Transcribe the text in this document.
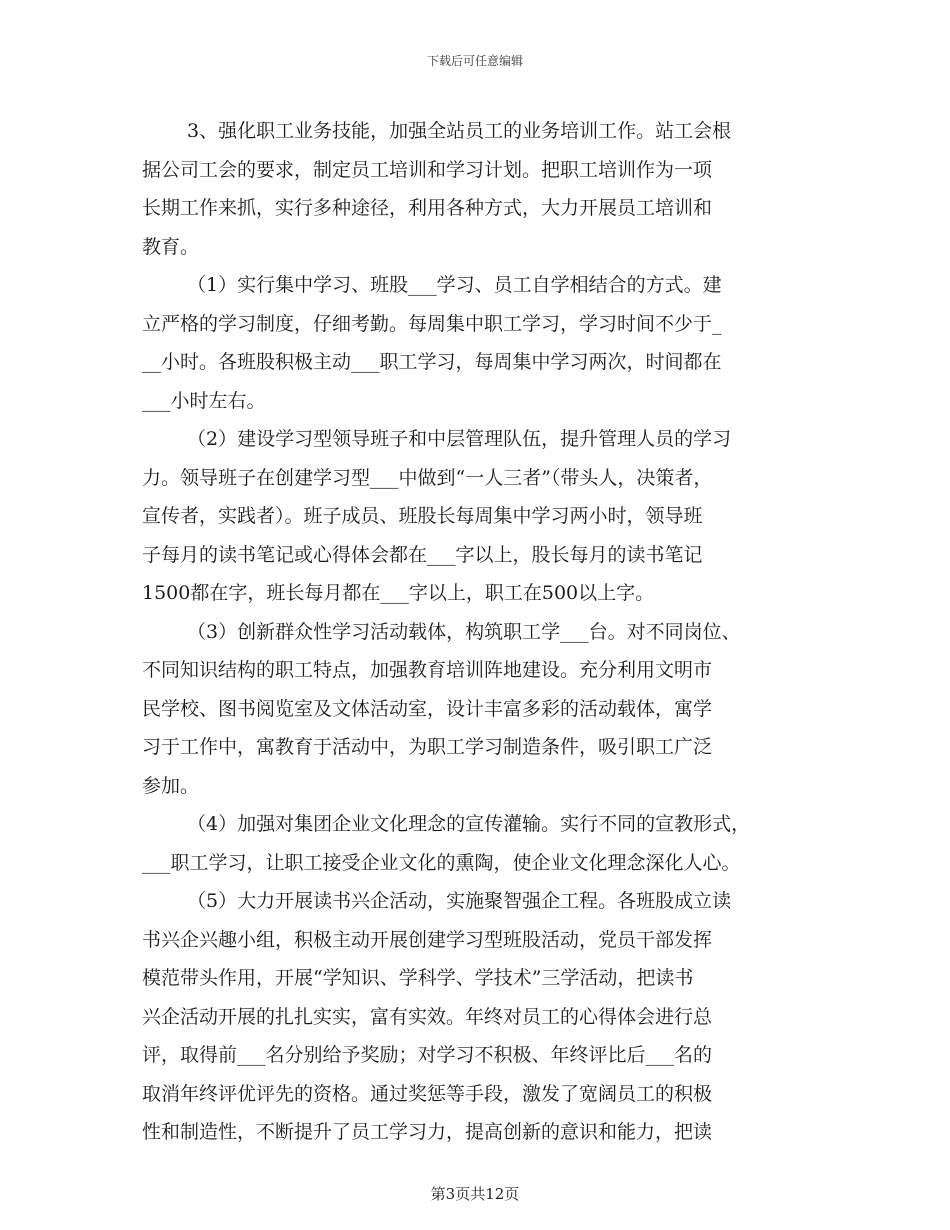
下载后可任意编辑
3、强化职工业务技能，加强全站员工的业务培训工作。站工会根
据公司工会的要求，制定员工培训和学习计划。把职工培训作为一项
长期工作来抓，实行多种途径，利用各种方式，大力开展员工培训和
教育。
（1）实行集中学习、班股___学习、员工自学相结合的方式。建
立严格的学习制度，仔细考勤。每周集中职工学习，学习时间不少于_
__小时。各班股积极主动___职工学习，每周集中学习两次，时间都在
___小时左右。
（2）建设学习型领导班子和中层管理队伍，提升管理人员的学习
力。领导班子在创建学习型___中做到“一人三者”（带头人，决策者，
宣传者，实践者）。班子成员、班股长每周集中学习两小时，领导班
子每月的读书笔记或心得体会都在___字以上，股长每月的读书笔记
1500都在字，班长每月都在___字以上，职工在500以上字。
（3）创新群众性学习活动载体，构筑职工学___台。对不同岗位、
不同知识结构的职工特点，加强教育培训阵地建设。充分利用文明市
民学校、图书阅览室及文体活动室，设计丰富多彩的活动载体，寓学
习于工作中，寓教育于活动中，为职工学习制造条件，吸引职工广泛
参加。
（4）加强对集团企业文化理念的宣传灌输。实行不同的宣教形式，
___职工学习，让职工接受企业文化的熏陶，使企业文化理念深化人心。
（5）大力开展读书兴企活动，实施聚智强企工程。各班股成立读
书兴企兴趣小组，积极主动开展创建学习型班股活动，党员干部发挥
模范带头作用，开展“学知识、学科学、学技术”三学活动，把读书
兴企活动开展的扎扎实实，富有实效。年终对员工的心得体会进行总
评，取得前___名分别给予奖励；对学习不积极、年终评比后___名的
取消年终评优评先的资格。通过奖惩等手段，激发了宽阔员工的积极
性和制造性，不断提升了员工学习力，提高创新的意识和能力，把读
第3页共12页
